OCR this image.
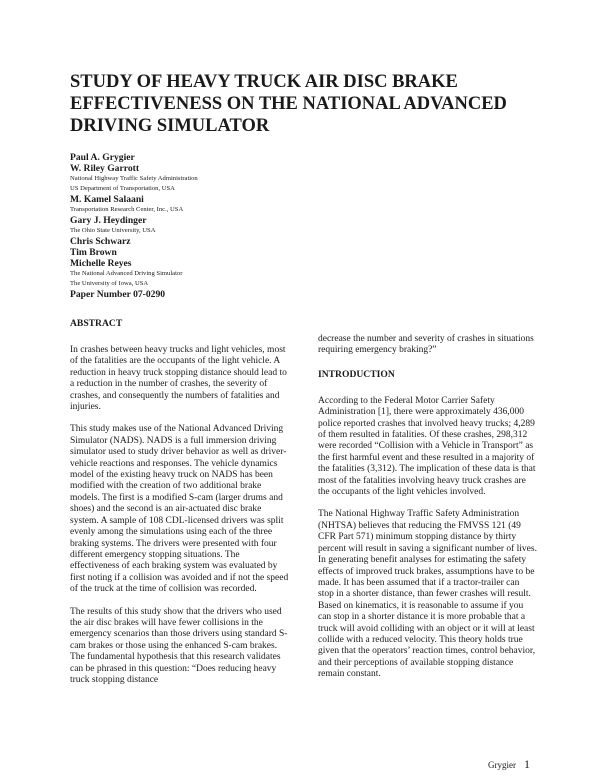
STUDY OF HEAVY TRUCK AIR DISC BRAKE EFFECTIVENESS ON THE NATIONAL ADVANCED DRIVING SIMULATOR
Paul A. Grygier
W. Riley Garrott
National Highway Traffic Safety Administration
US Department of Transportation, USA
M. Kamel Salaani
Transportation Research Center, Inc., USA
Gary J. Heydinger
The Ohio State University, USA
Chris Schwarz
Tim Brown
Michelle Reyes
The National Advanced Driving Simulator
The University of Iowa, USA
Paper Number 07-0290
ABSTRACT

In crashes between heavy trucks and light vehicles, most of the fatalities are the occupants of the light vehicle. A reduction in heavy truck stopping distance should lead to a reduction in the number of crashes, the severity of crashes, and consequently the numbers of fatalities and injuries.

This study makes use of the National Advanced Driving Simulator (NADS). NADS is a full immersion driving simulator used to study driver behavior as well as driver-vehicle reactions and responses. The vehicle dynamics model of the existing heavy truck on NADS has been modified with the creation of two additional brake models. The first is a modified S-cam (larger drums and shoes) and the second is an air-actuated disc brake system. A sample of 108 CDL-licensed drivers was split evenly among the simulations using each of the three braking systems. The drivers were presented with four different emergency stopping situations. The effectiveness of each braking system was evaluated by first noting if a collision was avoided and if not the speed of the truck at the time of collision was recorded.

The results of this study show that the drivers who used the air disc brakes will have fewer collisions in the emergency scenarios than those drivers using standard S-cam brakes or those using the enhanced S-cam brakes. The fundamental hypothesis that this research validates can be phrased in this question: “Does reducing heavy truck stopping distance

decrease the number and severity of crashes in situations requiring emergency braking?”

INTRODUCTION

According to the Federal Motor Carrier Safety Administration [1], there were approximately 436,000 police reported crashes that involved heavy trucks; 4,289 of them resulted in fatalities. Of these crashes, 298,312 were recorded “Collision with a Vehicle in Transport” as the first harmful event and these resulted in a majority of the fatalities (3,312). The implication of these data is that most of the fatalities involving heavy truck crashes are the occupants of the light vehicles involved.

The National Highway Traffic Safety Administration (NHTSA) believes that reducing the FMVSS 121 (49 CFR Part 571) minimum stopping distance by thirty percent will result in saving a significant number of lives. In generating benefit analyses for estimating the safety effects of improved truck brakes, assumptions have to be made. It has been assumed that if a tractor-trailer can stop in a shorter distance, than fewer crashes will result. Based on kinematics, it is reasonable to assume if you can stop in a shorter distance it is more probable that a truck will avoid colliding with an object or it will at least collide with a reduced velocity. This theory holds true given that the operators’ reaction times, control behavior, and their perceptions of available stopping distance remain constant.

Grygier 1
